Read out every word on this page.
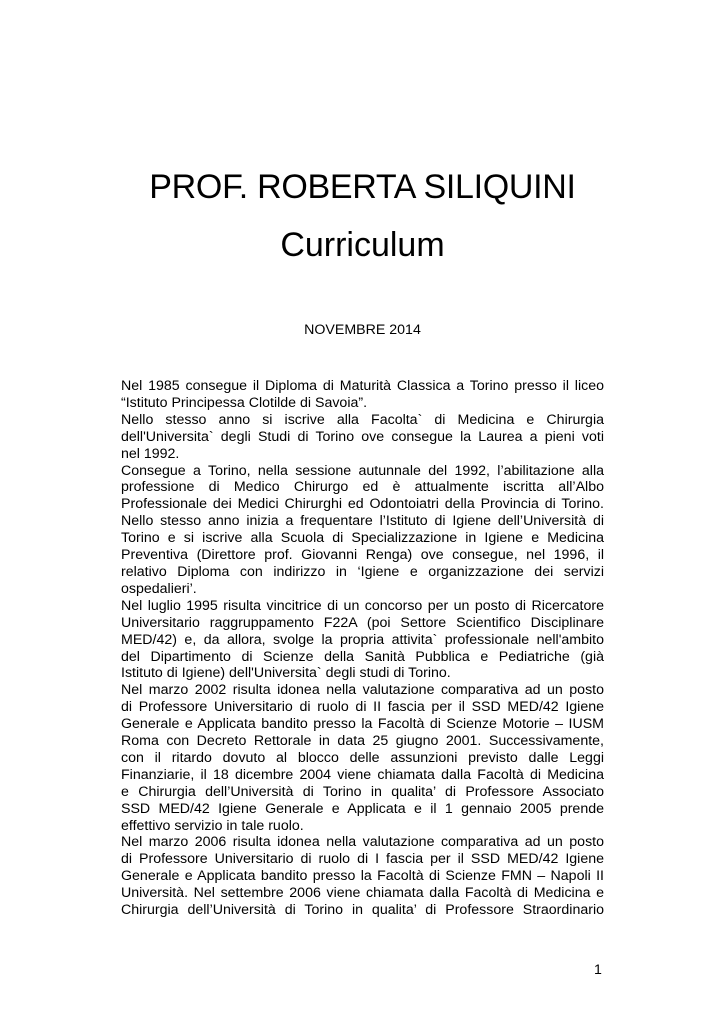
PROF. ROBERTA SILIQUINI
Curriculum
NOVEMBRE 2014
Nel 1985 consegue il Diploma di Maturità Classica a Torino presso il liceo
“Istituto Principessa Clotilde di Savoia”.
Nello stesso anno si iscrive alla Facolta` di Medicina e Chirurgia
dell'Universita` degli Studi di Torino ove consegue la Laurea a pieni voti
nel 1992.
Consegue a Torino, nella sessione autunnale del 1992, l’abilitazione alla
professione di Medico Chirurgo ed è attualmente iscritta all’Albo
Professionale dei Medici Chirurghi ed Odontoiatri della Provincia di Torino.
Nello stesso anno inizia a frequentare l’Istituto di Igiene dell’Università di
Torino e si iscrive alla Scuola di Specializzazione in Igiene e Medicina
Preventiva (Direttore prof. Giovanni Renga) ove consegue, nel 1996, il
relativo Diploma con indirizzo in ‘Igiene e organizzazione dei servizi
ospedalieri’.
Nel luglio 1995 risulta vincitrice di un concorso per un posto di Ricercatore
Universitario raggruppamento F22A (poi Settore Scientifico Disciplinare
MED/42) e, da allora, svolge la propria attivita` professionale nell'ambito
del Dipartimento di Scienze della Sanità Pubblica e Pediatriche (già
Istituto di Igiene) dell'Universita` degli studi di Torino.
Nel marzo 2002 risulta idonea nella valutazione comparativa ad un posto
di Professore Universitario di ruolo di II fascia per il SSD MED/42 Igiene
Generale e Applicata bandito presso la Facoltà di Scienze Motorie – IUSM
Roma con Decreto Rettorale in data 25 giugno 2001. Successivamente,
con il ritardo dovuto al blocco delle assunzioni previsto dalle Leggi
Finanziarie, il 18 dicembre 2004 viene chiamata dalla Facoltà di Medicina
e Chirurgia dell’Università di Torino in qualita’ di Professore Associato
SSD MED/42 Igiene Generale e Applicata e il 1 gennaio 2005 prende
effettivo servizio in tale ruolo.
Nel marzo 2006 risulta idonea nella valutazione comparativa ad un posto
di Professore Universitario di ruolo di I fascia per il SSD MED/42 Igiene
Generale e Applicata bandito presso la Facoltà di Scienze FMN – Napoli II
Università. Nel settembre 2006 viene chiamata dalla Facoltà di Medicina e
Chirurgia dell’Università di Torino in qualita’ di Professore Straordinario
1
